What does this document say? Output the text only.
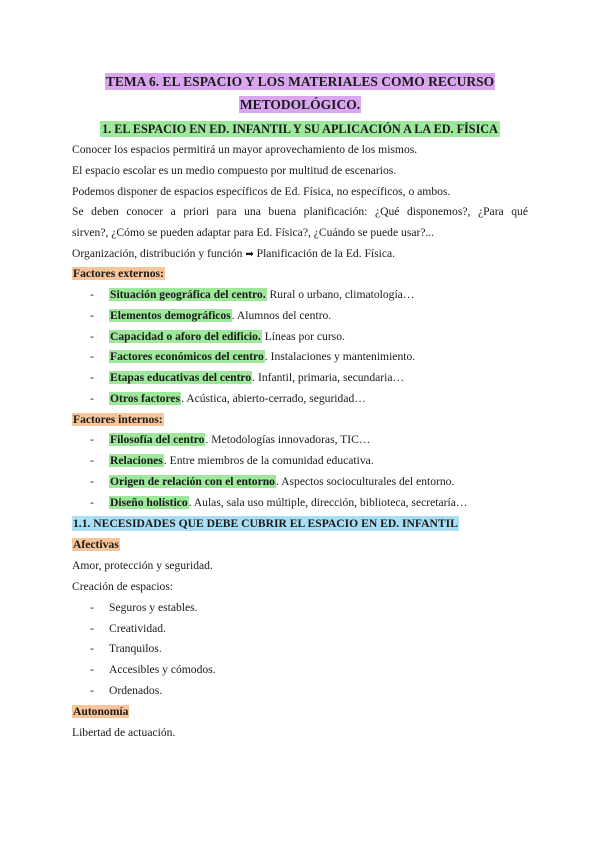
TEMA 6. EL ESPACIO Y LOS MATERIALES COMO RECURSO
METODOLÓGICO.
1. EL ESPACIO EN ED. INFANTIL Y SU APLICACIÓN A LA ED. FÍSICA
Conocer los espacios permitirá un mayor aprovechamiento de los mismos.
El espacio escolar es un medio compuesto por multitud de escenarios.
Podemos disponer de espacios específicos de Ed. Física, no específicos, o ambos.
Se deben conocer a priori para una buena planificación: ¿Qué disponemos?, ¿Para qué
sirven?, ¿Cómo se pueden adaptar para Ed. Física?, ¿Cuándo se puede usar?...
Organización, distribución y función ➡ Planificación de la Ed. Física.
Factores externos:
- Situación geográfica del centro. Rural o urbano, climatología…
- Elementos demográficos. Alumnos del centro.
- Capacidad o aforo del edificio. Líneas por curso.
- Factores económicos del centro. Instalaciones y mantenimiento.
- Etapas educativas del centro. Infantil, primaria, secundaria…
- Otros factores. Acústica, abierto-cerrado, seguridad…
Factores internos:
- Filosofía del centro. Metodologías innovadoras, TIC…
- Relaciones. Entre miembros de la comunidad educativa.
- Origen de relación con el entorno. Aspectos socioculturales del entorno.
- Diseño holístico. Aulas, sala uso múltiple, dirección, biblioteca, secretaría…
1.1. NECESIDADES QUE DEBE CUBRIR EL ESPACIO EN ED. INFANTIL
Afectivas
Amor, protección y seguridad.
Creación de espacios:
- Seguros y estables.
- Creatividad.
- Tranquilos.
- Accesibles y cómodos.
- Ordenados.
Autonomía
Libertad de actuación.
